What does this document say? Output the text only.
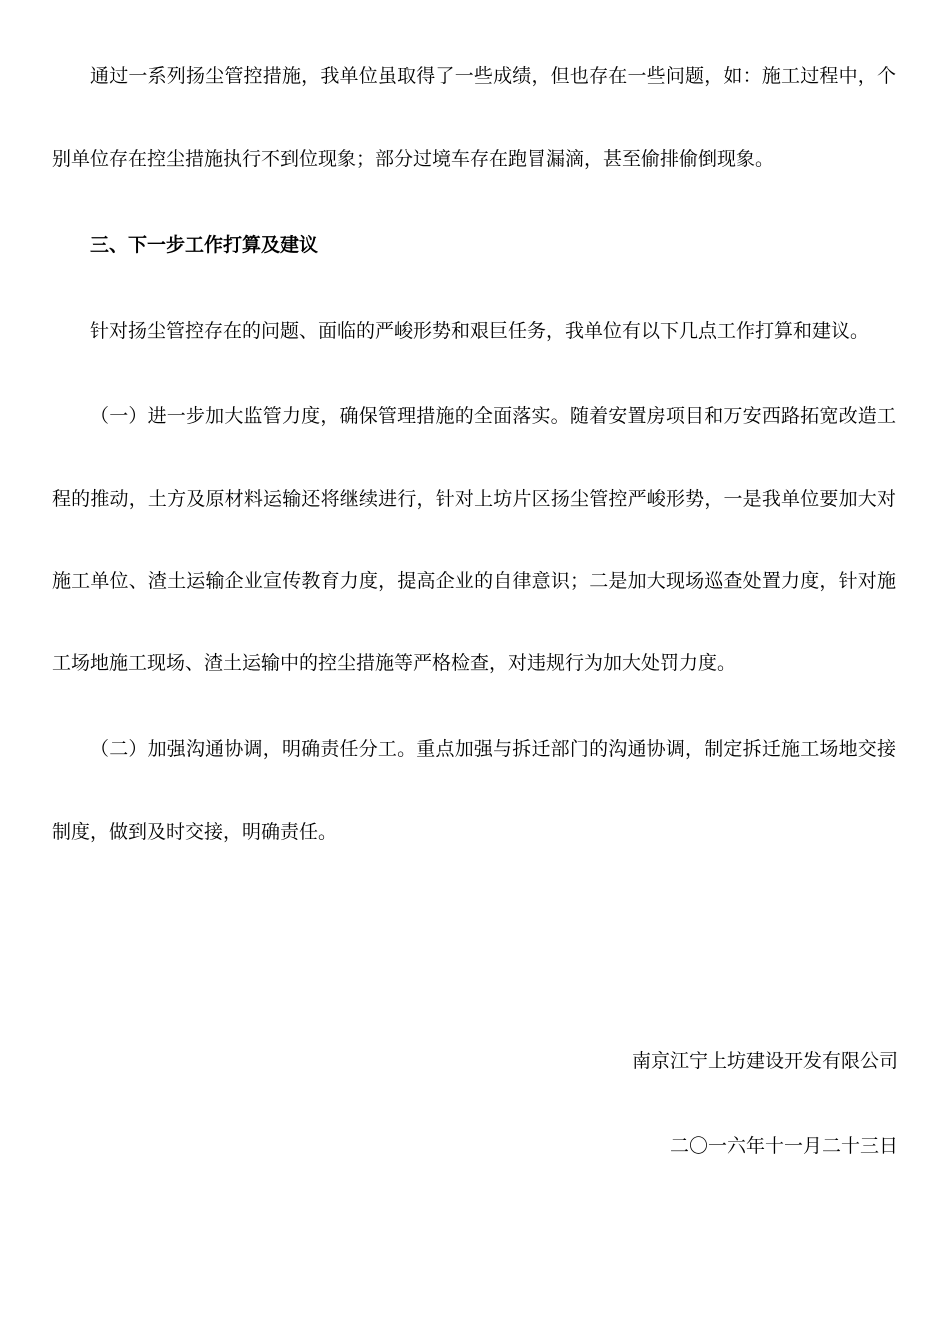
通过一系列扬尘管控措施，我单位虽取得了一些成绩，但也存在一些问题，如：施工过程中，个
别单位存在控尘措施执行不到位现象；部分过境车存在跑冒漏滴，甚至偷排偷倒现象。
三、下一步工作打算及建议
针对扬尘管控存在的问题、面临的严峻形势和艰巨任务，我单位有以下几点工作打算和建议。
（一）进一步加大监管力度，确保管理措施的全面落实。随着安置房项目和万安西路拓宽改造工
程的推动，土方及原材料运输还将继续进行，针对上坊片区扬尘管控严峻形势，一是我单位要加大对
施工单位、渣土运输企业宣传教育力度，提高企业的自律意识；二是加大现场巡查处置力度，针对施
工场地施工现场、渣土运输中的控尘措施等严格检查，对违规行为加大处罚力度。
（二）加强沟通协调，明确责任分工。重点加强与拆迁部门的沟通协调，制定拆迁施工场地交接
制度，做到及时交接，明确责任。
南京江宁上坊建设开发有限公司
二〇一六年十一月二十三日
